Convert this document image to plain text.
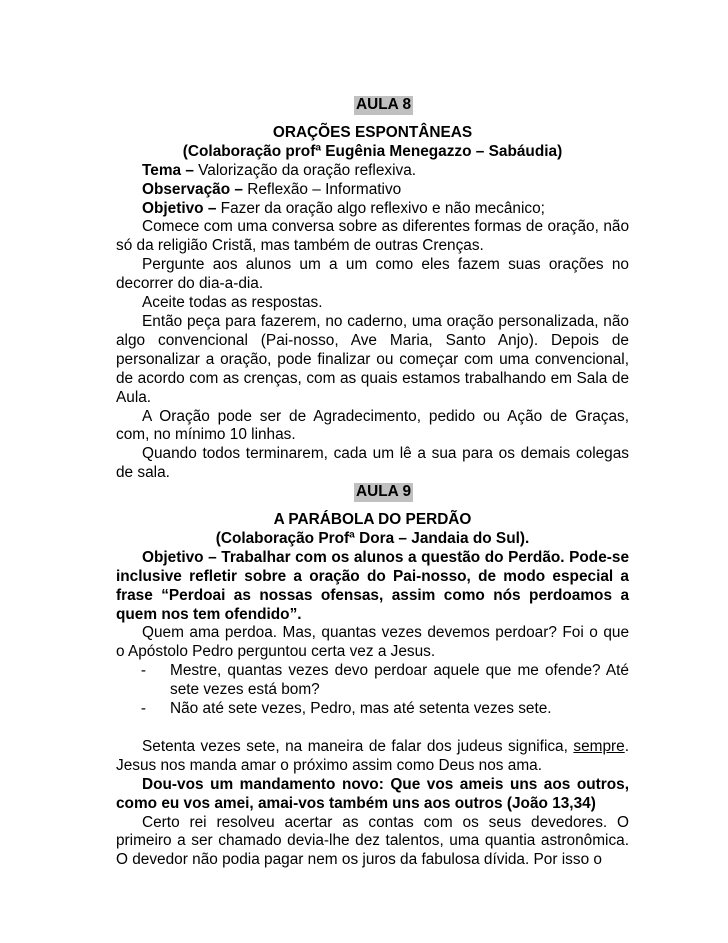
AULA 8
ORAÇÕES ESPONTÂNEAS
(Colaboração profª Eugênia Menegazzo – Sabáudia)

Tema – Valorização da oração reflexiva.

Observação – Reflexão – Informativo

Objetivo – Fazer da oração algo reflexivo e não mecânico;

Comece com uma conversa sobre as diferentes formas de oração, não só da religião Cristã, mas também de outras Crenças.

Pergunte aos alunos um a um como eles fazem suas orações no decorrer do dia-a-dia.

Aceite todas as respostas.

Então peça para fazerem, no caderno, uma oração personalizada, não algo convencional (Pai-nosso, Ave Maria, Santo Anjo). Depois de personalizar a oração, pode finalizar ou começar com uma convencional, de acordo com as crenças, com as quais estamos trabalhando em Sala de Aula.

A Oração pode ser de Agradecimento, pedido ou Ação de Graças, com, no mínimo 10 linhas.

Quando todos terminarem, cada um lê a sua para os demais colegas de sala.

AULA 9
A PARÁBOLA DO PERDÃO
(Colaboração Profª Dora – Jandaia do Sul).

Objetivo – Trabalhar com os alunos a questão do Perdão. Pode-se inclusive refletir sobre a oração do Pai-nosso, de modo especial a frase “Perdoai as nossas ofensas, assim como nós perdoamos a quem nos tem ofendido”.

Quem ama perdoa. Mas, quantas vezes devemos perdoar? Foi o que o Apóstolo Pedro perguntou certa vez a Jesus.

-	Mestre, quantas vezes devo perdoar aquele que me ofende? Até sete vezes está bom?
-	Não até sete vezes, Pedro, mas até setenta vezes sete.

Setenta vezes sete, na maneira de falar dos judeus significa, sempre. Jesus nos manda amar o próximo assim como Deus nos ama.

Dou-vos um mandamento novo: Que vos ameis uns aos outros, como eu vos amei, amai-vos também uns aos outros (João 13,34)

Certo rei resolveu acertar as contas com os seus devedores. O primeiro a ser chamado devia-lhe dez talentos, uma quantia astronômica. O devedor não podia pagar nem os juros da fabulosa dívida. Por isso o
